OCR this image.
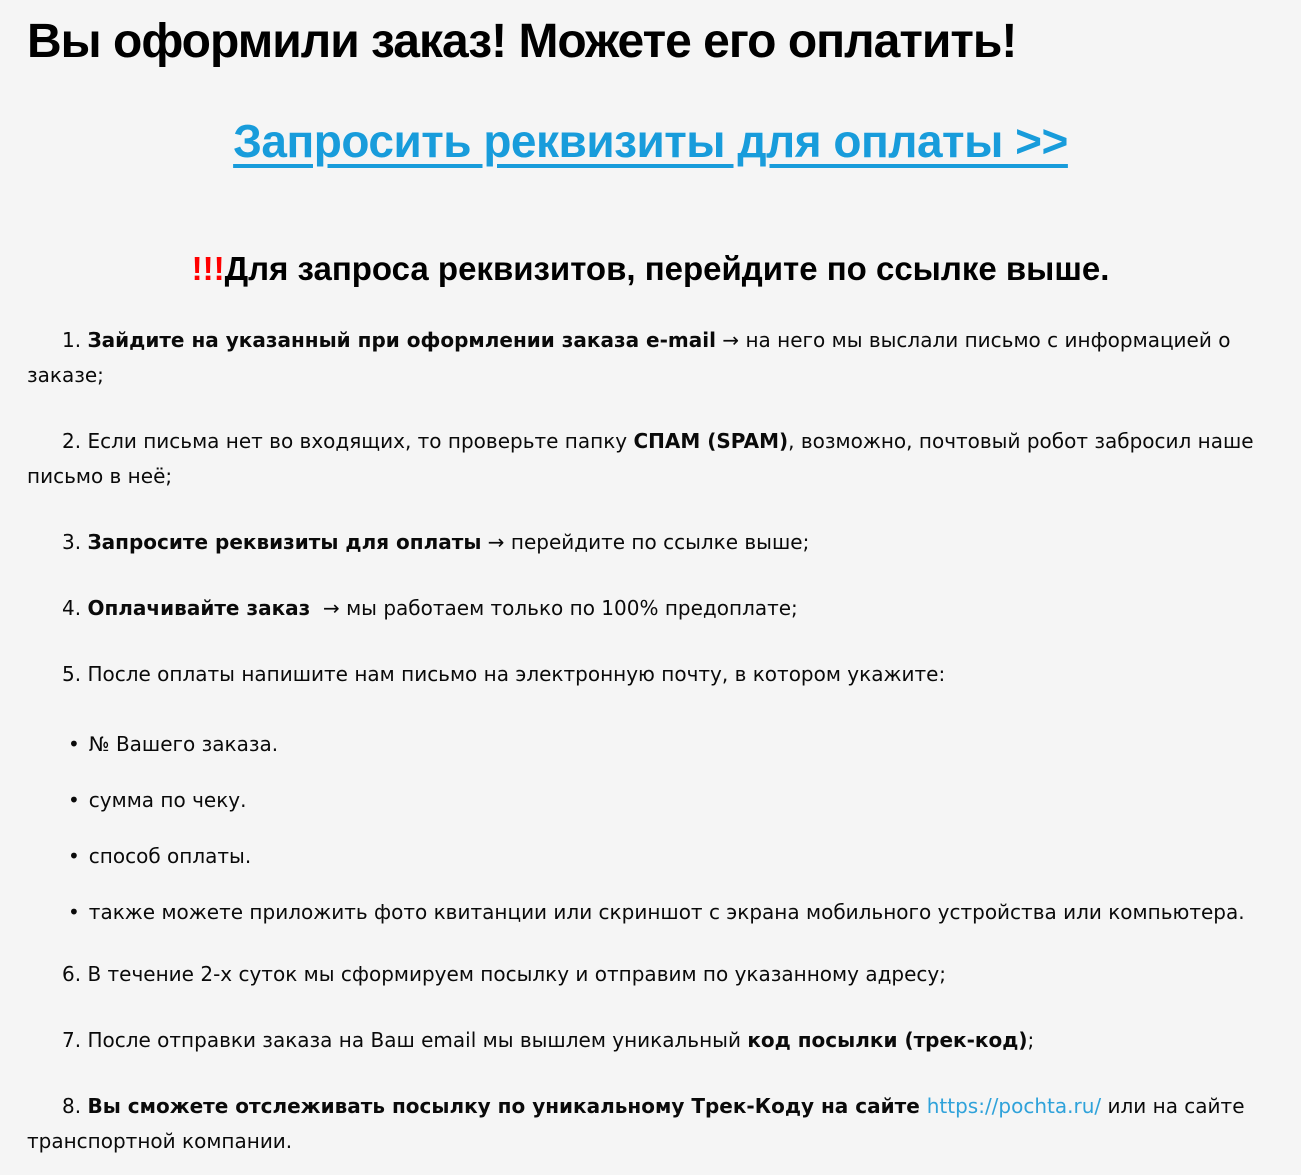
Вы оформили заказ! Можете его оплатить!
Запросить реквизиты для оплаты >>
!!!Для запроса реквизитов, перейдите по ссылке выше.

1. Зайдите на указанный при оформлении заказа e-mail → на него мы выслали письмо с информацией о заказе;

2. Если письма нет во входящих, то проверьте папку СПАМ (SPAM), возможно, почтовый робот забросил наше письмо в неё;

3. Запросите реквизиты для оплаты → перейдите по ссылке выше;

4. Оплачивайте заказ  → мы работаем только по 100% предоплате;

5. После оплаты напишите нам письмо на электронную почту, в котором укажите:

• № Вашего заказа.
• сумма по чеку.
• способ оплаты.
• также можете приложить фото квитанции или скриншот с экрана мобильного устройства или компьютера.

6. В течение 2-х суток мы сформируем посылку и отправим по указанному адресу;

7. После отправки заказа на Ваш email мы вышлем уникальный код посылки (трек-код);

8. Вы сможете отслеживать посылку по уникальному Трек-Коду на сайте https://pochta.ru/ или на сайте транспортной компании.
